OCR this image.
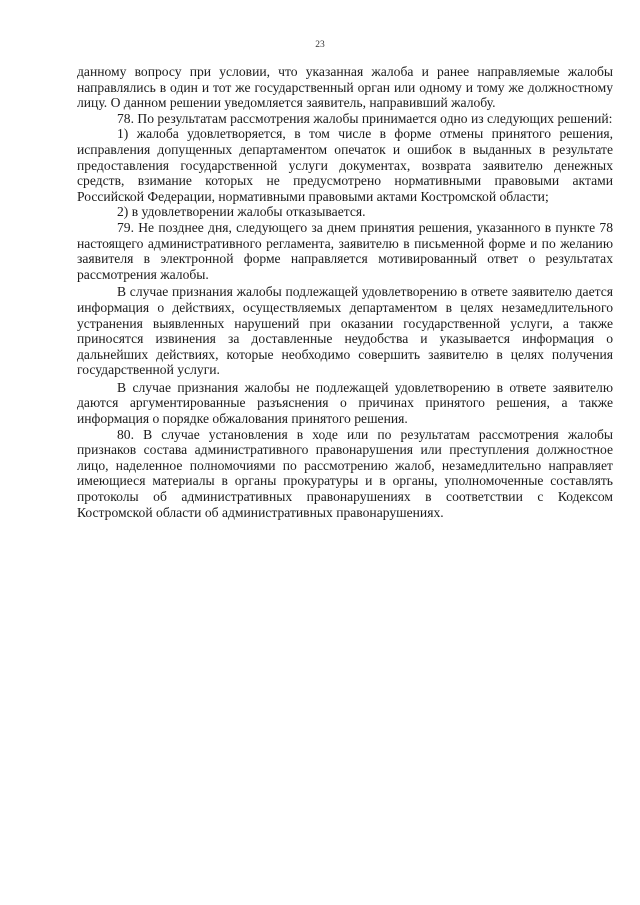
23

данному вопросу при условии, что указанная жалоба и ранее направляемые жалобы направлялись в один и тот же государственный орган или одному и тому же должностному лицу. О данном решении уведомляется заявитель, направивший жалобу.

78. По результатам рассмотрения жалобы принимается одно из следующих решений:

1) жалоба удовлетворяется, в том числе в форме отмены принятого решения, исправления допущенных департаментом опечаток и ошибок в выданных в результате предоставления государственной услуги документах, возврата заявителю денежных средств, взимание которых не предусмотрено нормативными правовыми актами Российской Федерации, нормативными правовыми актами Костромской области;

2) в удовлетворении жалобы отказывается.

79. Не позднее дня, следующего за днем принятия решения, указанного в пункте 78 настоящего административного регламента, заявителю в письменной форме и по желанию заявителя в электронной форме направляется мотивированный ответ о результатах рассмотрения жалобы.

В случае признания жалобы подлежащей удовлетворению в ответе заявителю дается информация о действиях, осуществляемых департаментом в целях незамедлительного устранения выявленных нарушений при оказании государственной услуги, а также приносятся извинения за доставленные неудобства и указывается информация о дальнейших действиях, которые необходимо совершить заявителю в целях получения государственной услуги.

В случае признания жалобы не подлежащей удовлетворению в ответе заявителю даются аргументированные разъяснения о причинах принятого решения, а также информация о порядке обжалования принятого решения.

80. В случае установления в ходе или по результатам рассмотрения жалобы признаков состава административного правонарушения или преступления должностное лицо, наделенное полномочиями по рассмотрению жалоб, незамедлительно направляет имеющиеся материалы в органы прокуратуры и в органы, уполномоченные составлять протоколы об административных правонарушениях в соответствии с Кодексом Костромской области об административных правонарушениях.
